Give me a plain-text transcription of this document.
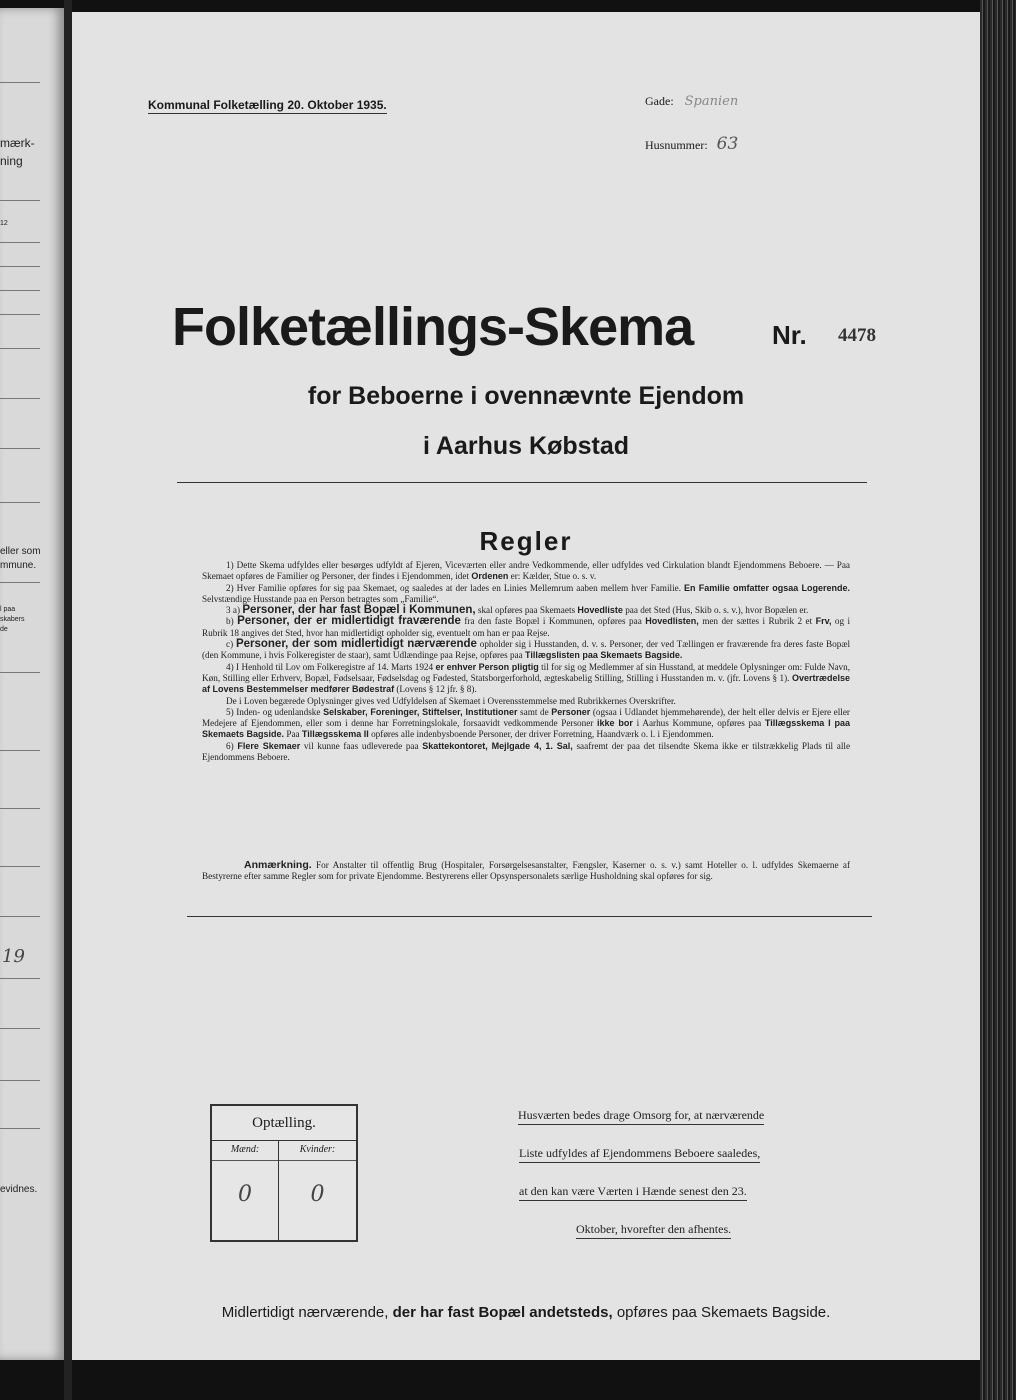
mærk-
ning
12
eller som
mmune.
l paa
skabers
de
19
evidnes.
Kommunal Folketælling 20. Oktober 1935.	Gade: Spanien
Husnummer: 63
Folketællings-Skema	Nr. 4478
for Beboerne i ovennævnte Ejendom
i Aarhus Købstad
Regler

1) Dette Skema udfyldes eller besørges udfyldt af Ejeren, Viceværten eller andre Vedkommende, eller udfyldes ved Cirkulation blandt Ejendommens Beboere. — Paa Skemaet opføres de Familier og Personer, der findes i Ejendommen, idet Ordenen er: Kælder, Stue o. s. v.

2) Hver Familie opføres for sig paa Skemaet, og saaledes at der lades en Linies Mellemrum aaben mellem hver Familie. En Familie omfatter ogsaa Logerende. Selvstændige Husstande paa en Person betragtes som „Familie“.

3 a) Personer, der har fast Bopæl i Kommunen, skal opføres paa Skemaets Hovedliste paa det Sted (Hus, Skib o. s. v.), hvor Bopælen er.

b) Personer, der er midlertidigt fraværende fra den faste Bopæl i Kommunen, opføres paa Hovedlisten, men der sættes i Rubrik 2 et Frv, og i Rubrik 18 angives det Sted, hvor han midlertidigt opholder sig, eventuelt om han er paa Rejse.

c) Personer, der som midlertidigt nærværende opholder sig i Husstanden, d. v. s. Personer, der ved Tællingen er fraværende fra deres faste Bopæl (den Kommune, i hvis Folkeregister de staar), samt Udlændinge paa Rejse, opføres paa Tillægslisten paa Skemaets Bagside.

4) I Henhold til Lov om Folkeregistre af 14. Marts 1924 er enhver Person pligtig til for sig og Medlemmer af sin Husstand, at meddele Oplysninger om: Fulde Navn, Køn, Stilling eller Erhverv, Bopæl, Fødselsaar, Fødselsdag og Fødested, Statsborgerforhold, ægteskabelig Stilling, Stilling i Husstanden m. v. (jfr. Lovens § 1). Overtrædelse af Lovens Bestemmelser medfører Bødestraf (Lovens § 12 jfr. § 8).

De i Loven begærede Oplysninger gives ved Udfyldelsen af Skemaet i Overensstemmelse med Rubrikkernes Overskrifter.

5) Inden- og udenlandske Selskaber, Foreninger, Stiftelser, Institutioner samt de Personer (ogsaa i Udlandet hjemmehørende), der helt eller delvis er Ejere eller Medejere af Ejendommen, eller som i denne har Forretningslokale, forsaavidt vedkommende Personer ikke bor i Aarhus Kommune, opføres paa Tillægsskema I paa Skemaets Bagside. Paa Tillægsskema II opføres alle indenbysboende Personer, der driver Forretning, Haandværk o. l. i Ejendommen.

6) Flere Skemaer vil kunne faas udleverede paa Skattekontoret, Mejlgade 4, 1. Sal, saafremt der paa det tilsendte Skema ikke er tilstrækkelig Plads til alle Ejendommens Beboere.

Anmærkning. For Anstalter til offentlig Brug (Hospitaler, Forsørgelsesanstalter, Fængsler, Kaserner o. s. v.) samt Hoteller o. l. udfyldes Skemaerne af Bestyrerne efter samme Regler som for private Ejendomme. Bestyrerens eller Opsynspersonalets særlige Husholdning skal opføres for sig.
Optælling.
Mænd:
0
Kvinder:
0
Husværten bedes drage Omsorg for, at nærværende
Liste udfyldes af Ejendommens Beboere saaledes,
at den kan være Værten i Hænde senest den 23.
Oktober, hvorefter den afhentes.
Midlertidigt nærværende, der har fast Bopæl andetsteds, opføres paa Skemaets Bagside.
